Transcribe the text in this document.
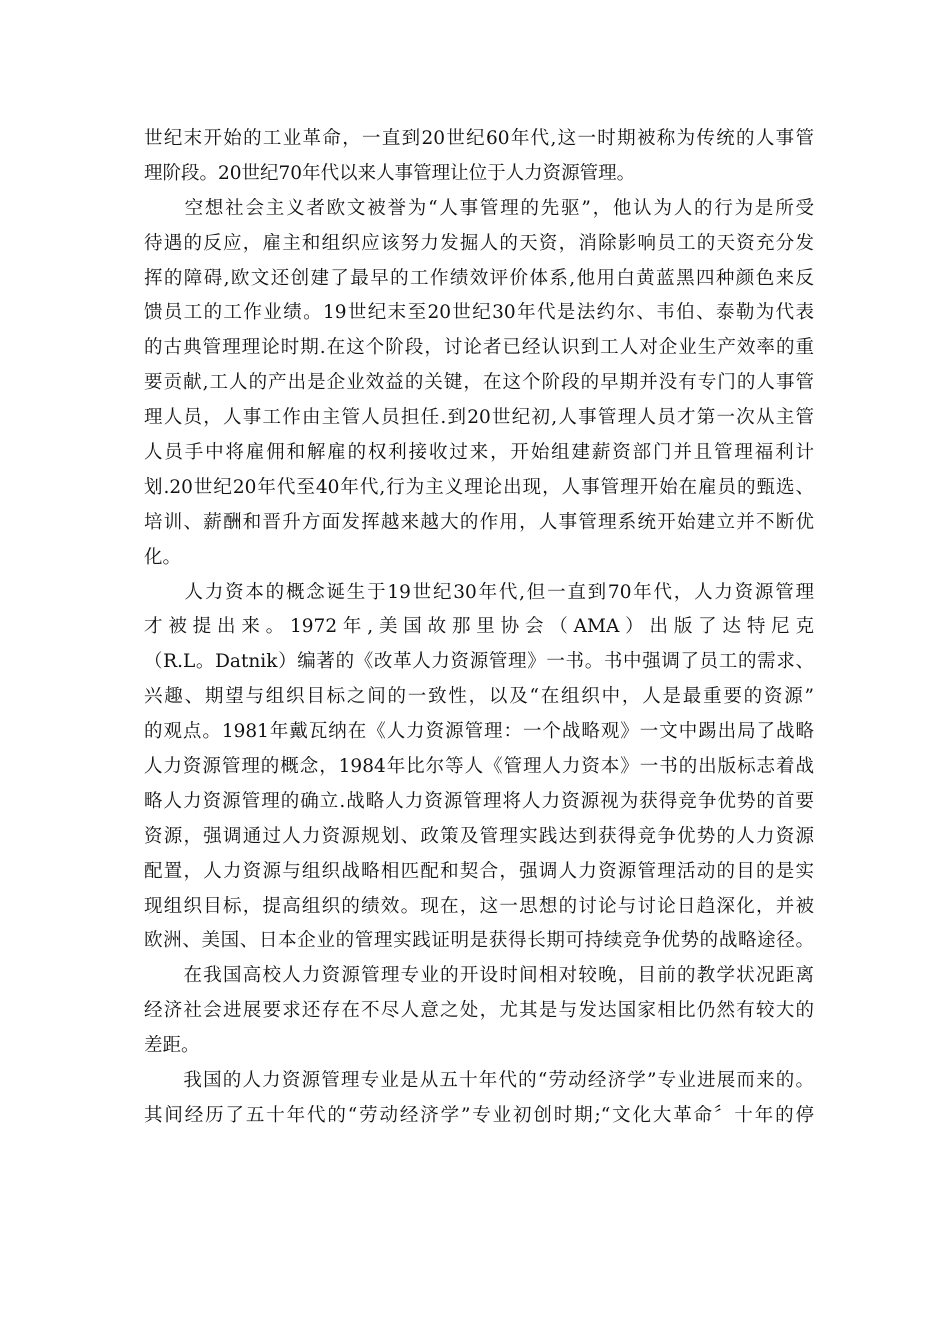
世纪末开始的工业革命，一直到20世纪60年代,这一时期被称为传统的人事管
理阶段。20世纪70年代以来人事管理让位于人力资源管理。
　　空想社会主义者欧文被誉为“人事管理的先驱”，他认为人的行为是所受
待遇的反应，雇主和组织应该努力发掘人的天资，消除影响员工的天资充分发
挥的障碍,欧文还创建了最早的工作绩效评价体系,他用白黄蓝黑四种颜色来反
馈员工的工作业绩。19世纪末至20世纪30年代是法约尔、韦伯、泰勒为代表
的古典管理理论时期.在这个阶段，讨论者已经认识到工人对企业生产效率的重
要贡献,工人的产出是企业效益的关键，在这个阶段的早期并没有专门的人事管
理人员，人事工作由主管人员担任.到20世纪初,人事管理人员才第一次从主管
人员手中将雇佣和解雇的权利接收过来，开始组建薪资部门并且管理福利计
划.20世纪20年代至40年代,行为主义理论出现，人事管理开始在雇员的甄选、
培训、薪酬和晋升方面发挥越来越大的作用，人事管理系统开始建立并不断优
化。
　　人力资本的概念诞生于19世纪30年代,但一直到70年代，人力资源管理
才被提出来。1972年,美国故那里协会（AMA）出版了达特尼克
（R.L。Datnik）编著的《改革人力资源管理》一书。书中强调了员工的需求、
兴趣、期望与组织目标之间的一致性，以及“在组织中，人是最重要的资源”
的观点。1981年戴瓦纳在《人力资源管理：一个战略观》一文中踢出局了战略
人力资源管理的概念，1984年比尔等人《管理人力资本》一书的出版标志着战
略人力资源管理的确立.战略人力资源管理将人力资源视为获得竞争优势的首要
资源，强调通过人力资源规划、政策及管理实践达到获得竞争优势的人力资源
配置，人力资源与组织战略相匹配和契合，强调人力资源管理活动的目的是实
现组织目标，提高组织的绩效。现在，这一思想的讨论与讨论日趋深化，并被
欧洲、美国、日本企业的管理实践证明是获得长期可持续竞争优势的战略途径。
　　在我国高校人力资源管理专业的开设时间相对较晚，目前的教学状况距离
经济社会进展要求还存在不尽人意之处，尤其是与发达国家相比仍然有较大的
差距。
　　我国的人力资源管理专业是从五十年代的“劳动经济学”专业进展而来的。
其间经历了五十年代的“劳动经济学”专业初创时期;“文化大革命〞十年的停
